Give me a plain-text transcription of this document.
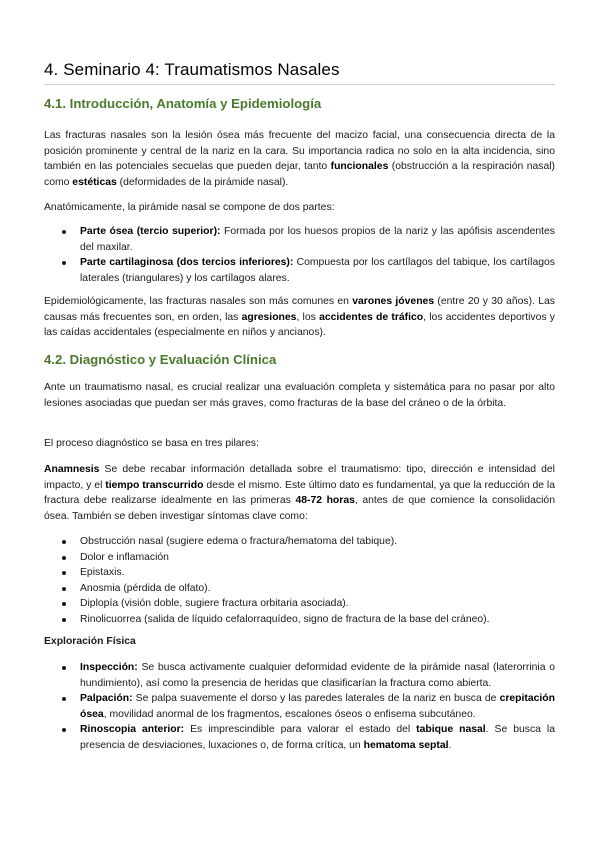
4. Seminario 4: Traumatismos Nasales
4.1. Introducción, Anatomía y Epidemiología

Las fracturas nasales son la lesión ósea más frecuente del macizo facial, una consecuencia directa de la posición prominente y central de la nariz en la cara. Su importancia radica no solo en la alta incidencia, sino también en las potenciales secuelas que pueden dejar, tanto funcionales (obstrucción a la respiración nasal) como estéticas (deformidades de la pirámide nasal).

Anatómicamente, la pirámide nasal se compone de dos partes:

Parte ósea (tercio superior): Formada por los huesos propios de la nariz y las apófisis ascendentes del maxilar.
Parte cartilaginosa (dos tercios inferiores): Compuesta por los cartílagos del tabique, los cartílagos laterales (triangulares) y los cartílagos alares.

Epidemiológicamente, las fracturas nasales son más comunes en varones jóvenes (entre 20 y 30 años). Las causas más frecuentes son, en orden, las agresiones, los accidentes de tráfico, los accidentes deportivos y las caídas accidentales (especialmente en niños y ancianos).

4.2. Diagnóstico y Evaluación Clínica

Ante un traumatismo nasal, es crucial realizar una evaluación completa y sistemática para no pasar por alto lesiones asociadas que puedan ser más graves, como fracturas de la base del cráneo o de la órbita.

El proceso diagnóstico se basa en tres pilares:

Anamnesis Se debe recabar información detallada sobre el traumatismo: tipo, dirección e intensidad del impacto, y el tiempo transcurrido desde el mismo. Este último dato es fundamental, ya que la reducción de la fractura debe realizarse idealmente en las primeras 48-72 horas, antes de que comience la consolidación ósea. También se deben investigar síntomas clave como:

Obstrucción nasal (sugiere edema o fractura/hematoma del tabique).
Dolor e inflamación
Epistaxis.
Anosmia (pérdida de olfato).
Diplopía (visión doble, sugiere fractura orbitaria asociada).
Rinolicuorrea (salida de líquido cefalorraquídeo, signo de fractura de la base del cráneo).

Exploración Física

Inspección: Se busca activamente cualquier deformidad evidente de la pirámide nasal (laterorrinia o hundimiento), así como la presencia de heridas que clasificarían la fractura como abierta.
Palpación: Se palpa suavemente el dorso y las paredes laterales de la nariz en busca de crepitación ósea, movilidad anormal de los fragmentos, escalones óseos o enfisema subcutáneo.
Rinoscopia anterior: Es imprescindible para valorar el estado del tabique nasal. Se busca la presencia de desviaciones, luxaciones o, de forma crítica, un hematoma septal.
